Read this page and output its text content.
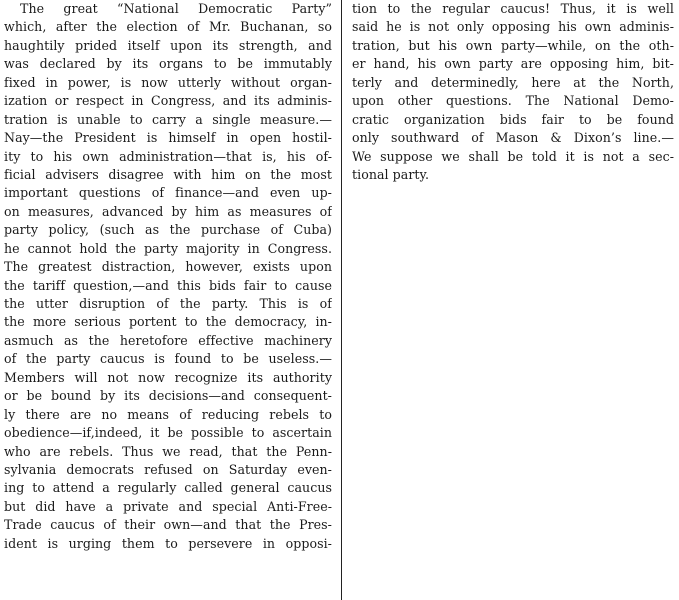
The great “National Democratic Party”
which, after the election of Mr. Buchanan, so
haughtily prided itself upon its strength, and
was declared by its organs to be immutably
fixed in power, is now utterly without organ-
ization or respect in Congress, and its adminis-
tration is unable to carry a single measure.—
Nay—the President is himself in open hostil-
ity to his own administration—that is, his of-
ficial advisers disagree with him on the most
important questions of finance—and even up-
on measures, advanced by him as measures of
party policy, (such as the purchase of Cuba)
he cannot hold the party majority in Congress.
The greatest distraction, however, exists upon
the tariff question,—and this bids fair to cause
the utter disruption of the party. This is of
the more serious portent to the democracy, in-
asmuch as the heretofore effective machinery
of the party caucus is found to be useless.—
Members will not now recognize its authority
or be bound by its decisions—and consequent-
ly there are no means of reducing rebels to
obedience—if,indeed, it be possible to ascertain
who are rebels. Thus we read, that the Penn-
sylvania democrats refused on Saturday even-
ing to attend a regularly called general caucus
but did have a private and special Anti-Free-
Trade caucus of their own—and that the Pres-
ident is urging them to persevere in opposi-
tion to the regular caucus! Thus, it is well
said he is not only opposing his own adminis-
tration, but his own party—while, on the oth-
er hand, his own party are opposing him, bit-
terly and determinedly, here at the North,
upon other questions. The National Demo-
cratic organization bids fair to be found
only southward of Mason & Dixon’s line.—
We suppose we shall be told it is not a sec-
tional party.
